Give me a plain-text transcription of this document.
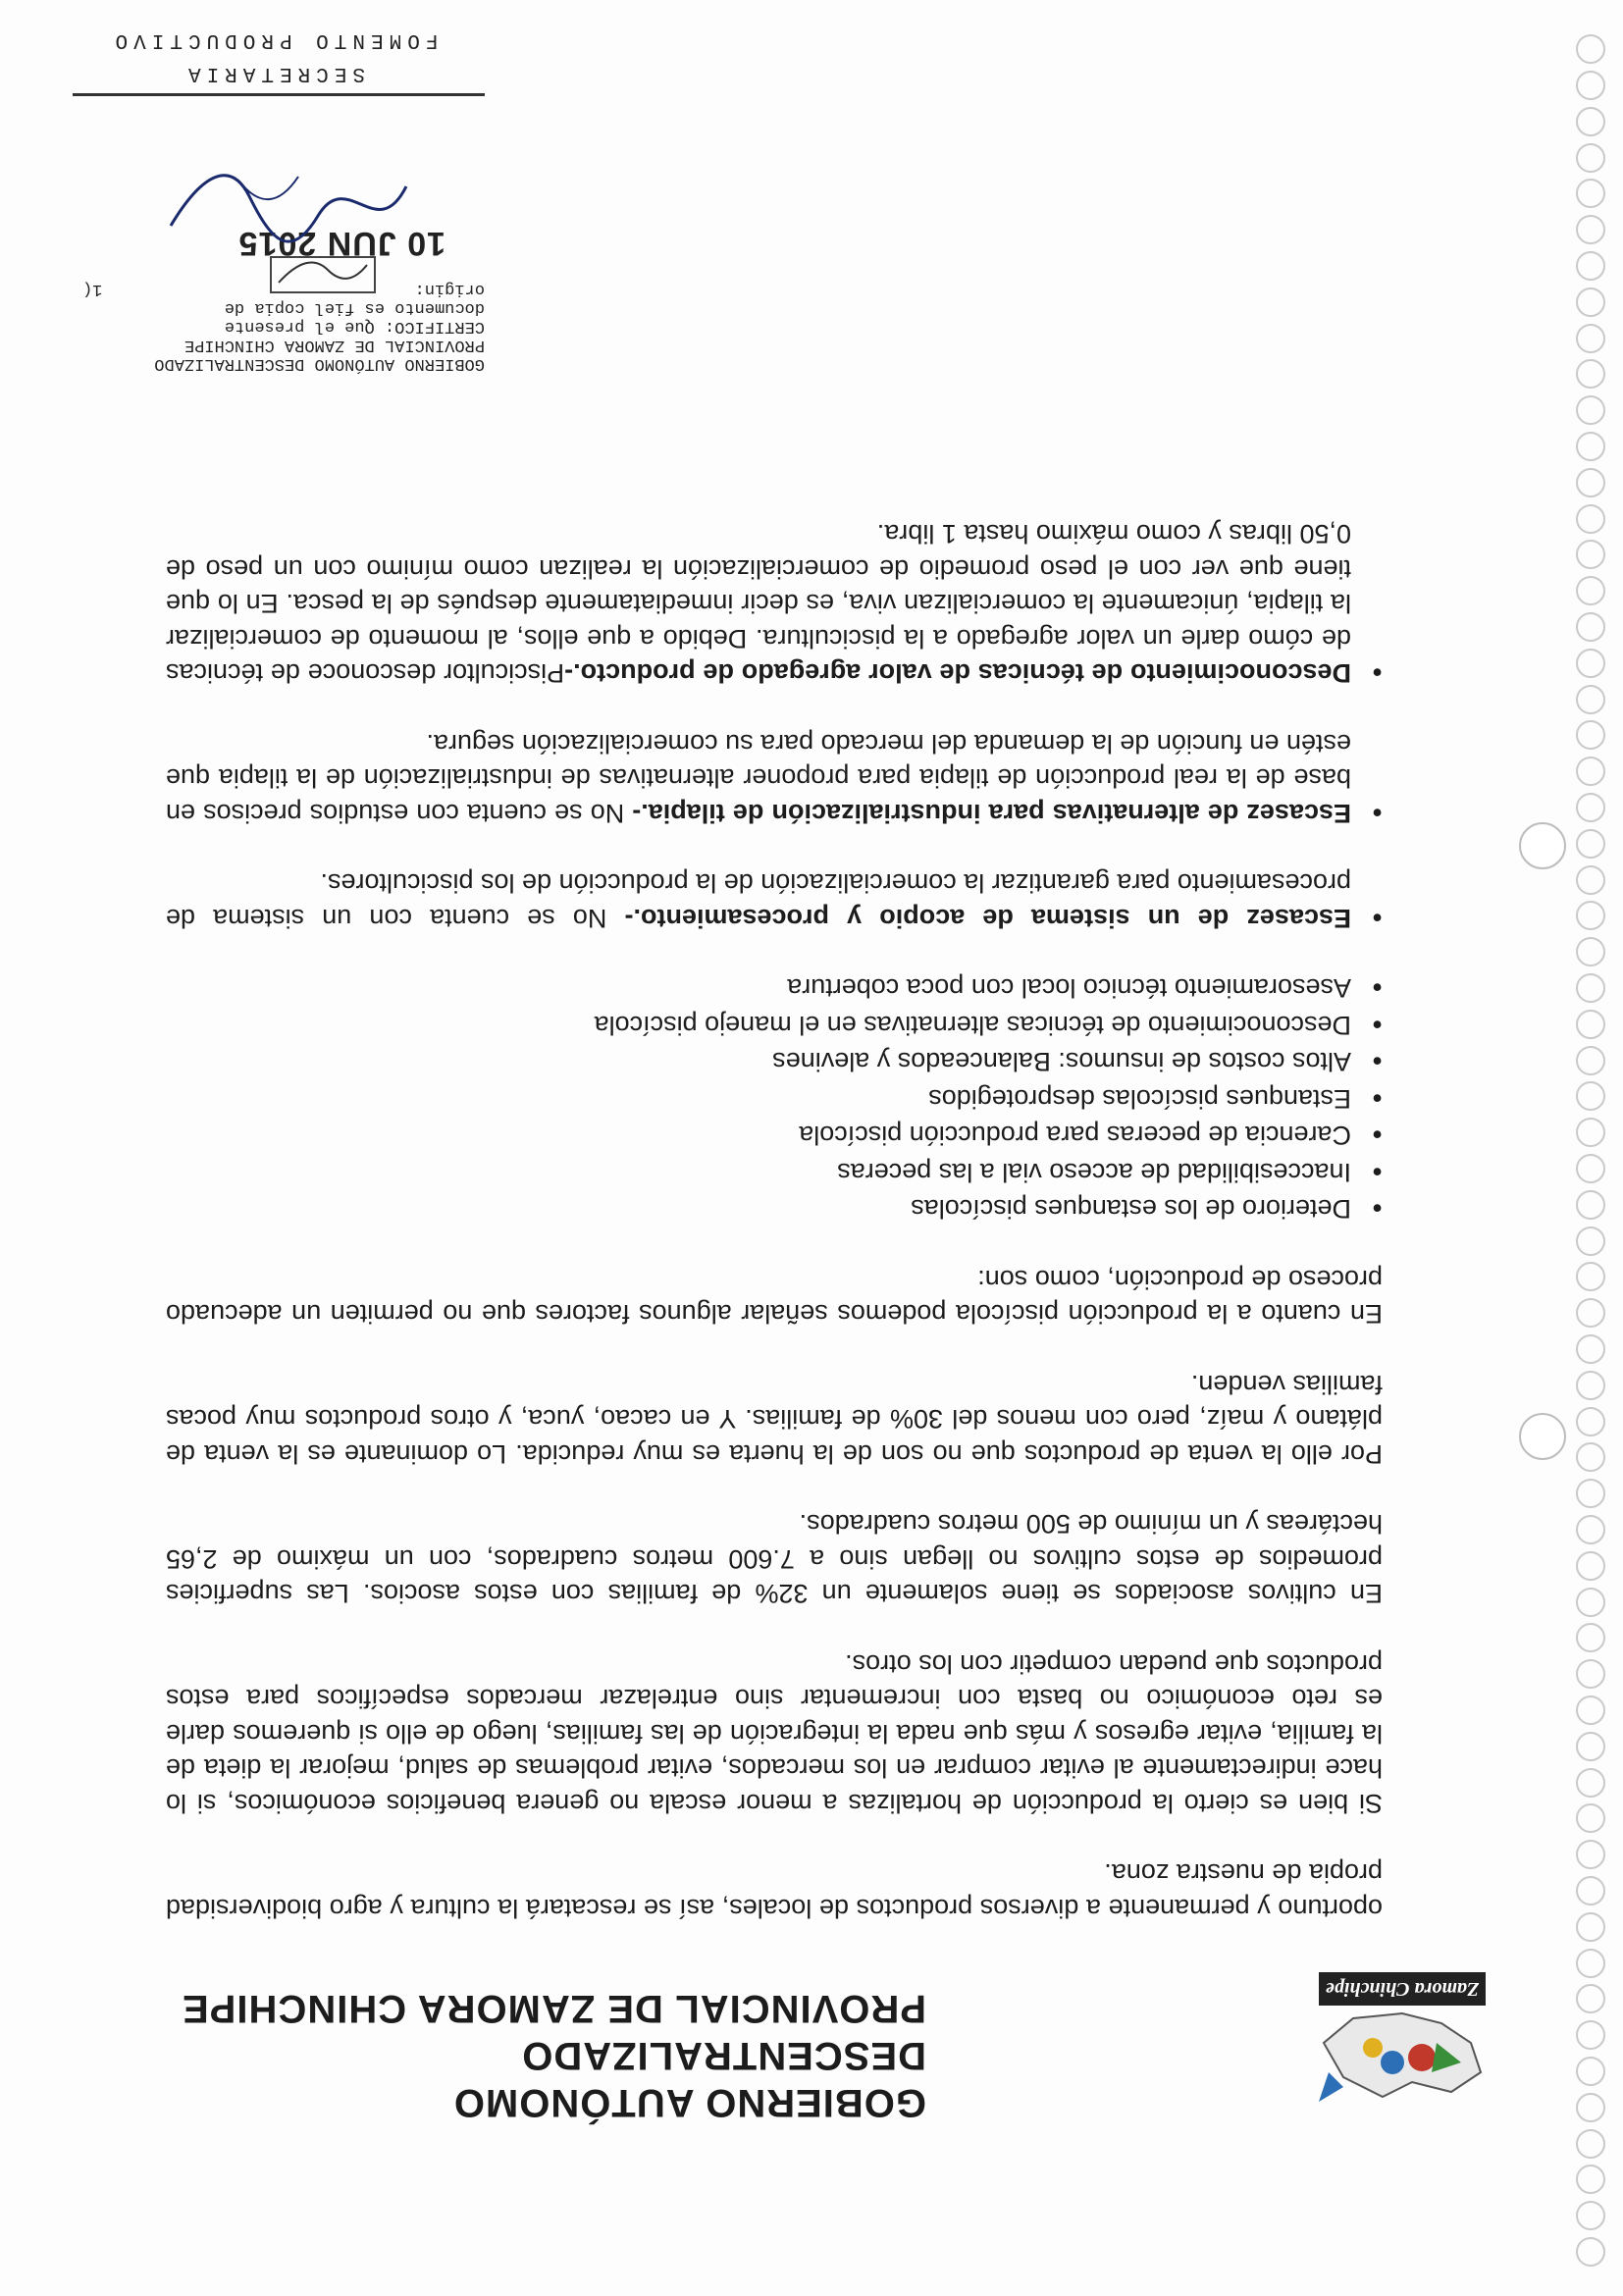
Zamora Chinchipe
GOBIERNO AUTÓNOMO DESCENTRALIZADO
PROVINCIAL DE ZAMORA CHINCHIPE

oportuno y permanente a diversos productos de locales, así se rescatará la cultura y agro biodiversidad propia de nuestra zona.

Si bien es cierto la producción de hortalizas a menor escala no genera beneficios económicos, si lo hace indirectamente al evitar comprar en los mercados, evitar problemas de salud, mejorar la dieta de la familia, evitar egresos y más que nada la integración de las familias, luego de ello si queremos darle es reto económico no basta con incrementar sino entrelazar mercados específicos para estos productos que puedan competir con los otros.

En cultivos asociados se tiene solamente un 32% de familias con estos asocios. Las superficies promedios de estos cultivos no llegan sino a 7.600 metros cuadrados, con un máximo de 2,65 hectáreas y un mínimo de 500 metros cuadrados.

Por ello la venta de productos que no son de la huerta es muy reducida. Lo dominante es la venta de plátano y maíz, pero con menos del 30% de familias. Y en cacao, yuca, y otros productos muy pocas familias venden.

En cuanto a la producción piscícola podemos señalar algunos factores que no permiten un adecuado proceso de producción, como son:

● Deterioro de los estanques piscícolas
● Inaccesibilidad de acceso vial a las peceras
● Carencia de peceras para producción piscícola
● Estanques piscícolas desprotegidos
● Altos costos de insumos: Balanceados y alevines
● Desconocimiento de técnicas alternativas en el manejo piscícola
● Asesoramiento técnico local con poca cobertura
● Escasez de un sistema de acopio y procesamiento.- No se cuenta con un sistema de procesamiento para garantizar la comercialización de la producción de los piscicultores.
● Escasez de alternativas para industrialización de tilapia.- No se cuenta con estudios precisos en base de la real producción de tilapia para proponer alternativas de industrialización de la tilapia que estén en función de la demanda del mercado para su comercialización segura.
● Desconocimiento de técnicas de valor agregado de producto.-Piscicultor desconoce de técnicas de cómo darle un valor agregado a la piscicultura. Debido a que ellos, al momento de comercializar la tilapia, únicamente la comercializan viva, es decir inmediatamente después de la pesca. En lo que tiene que ver con el peso promedio de comercialización la realizan como mínimo con un peso de 0,50 libras y como máximo hasta 1 libra.
GOBIERNO AUTÓNOMO DESCENTRALIZADO
PROVINCIAL DE ZAMORA CHINCHIPE
CERTIFICO: Que el presente
documento es fiel copia de
origin:
1(
10 JUN 2015
SECRETARIA
FOMENTO PRODUCTIVO
